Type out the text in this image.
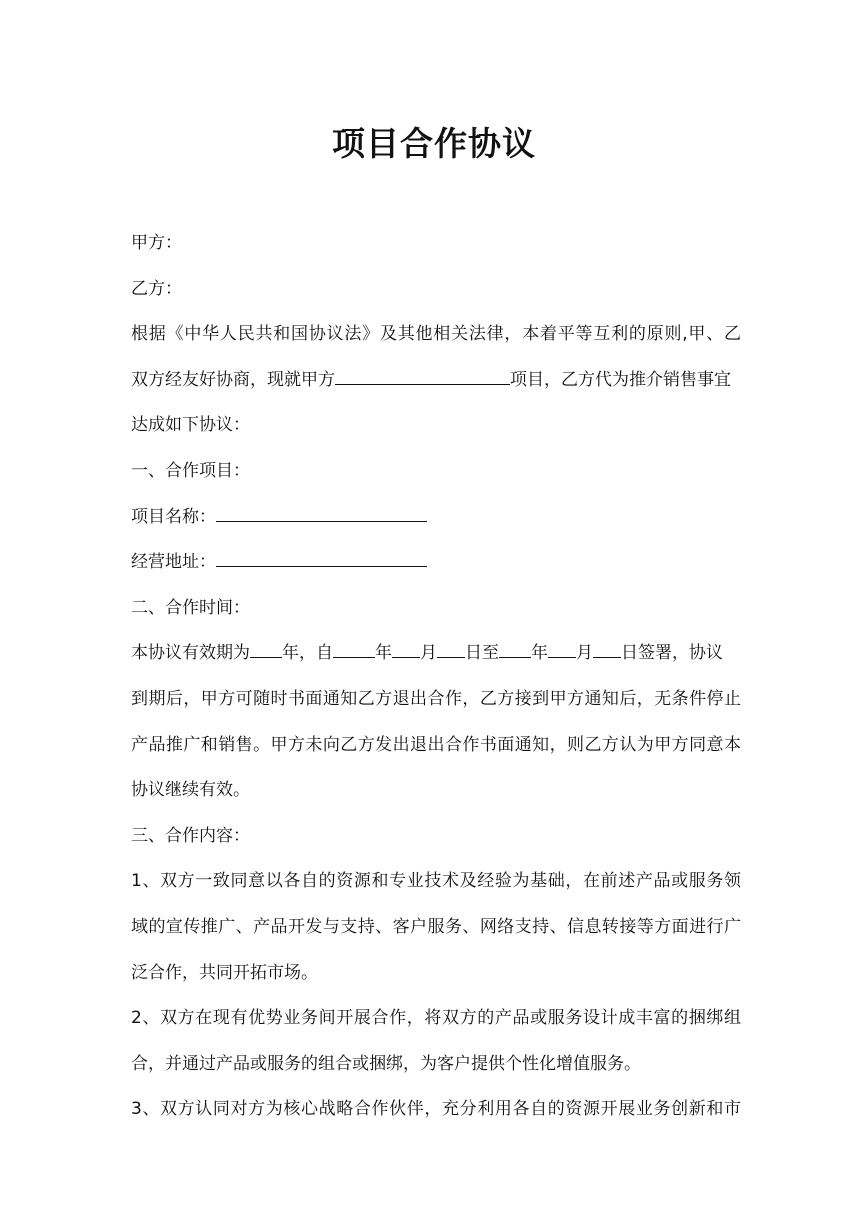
项目合作协议
甲方：
乙方：
根据《中华人民共和国协议法》及其他相关法律，本着平等互利的原则,甲、乙
双方经友好协商，现就甲方	项目，乙方代为推介销售事宜
达成如下协议：
一、合作项目：
项目名称：
经营地址：
二、合作时间：
本协议有效期为 年，自 年 月 日至 年 月 日签署，协议
到期后，甲方可随时书面通知乙方退出合作，乙方接到甲方通知后，无条件停止
产品推广和销售。甲方未向乙方发出退出合作书面通知，则乙方认为甲方同意本
协议继续有效。
三、合作内容：
1、双方一致同意以各自的资源和专业技术及经验为基础，在前述产品或服务领
域的宣传推广、产品开发与支持、客户服务、网络支持、信息转接等方面进行广
泛合作，共同开拓市场。
2、双方在现有优势业务间开展合作，将双方的产品或服务设计成丰富的捆绑组
合，并通过产品或服务的组合或捆绑，为客户提供个性化增值服务。
3、双方认同对方为核心战略合作伙伴，充分利用各自的资源开展业务创新和市
